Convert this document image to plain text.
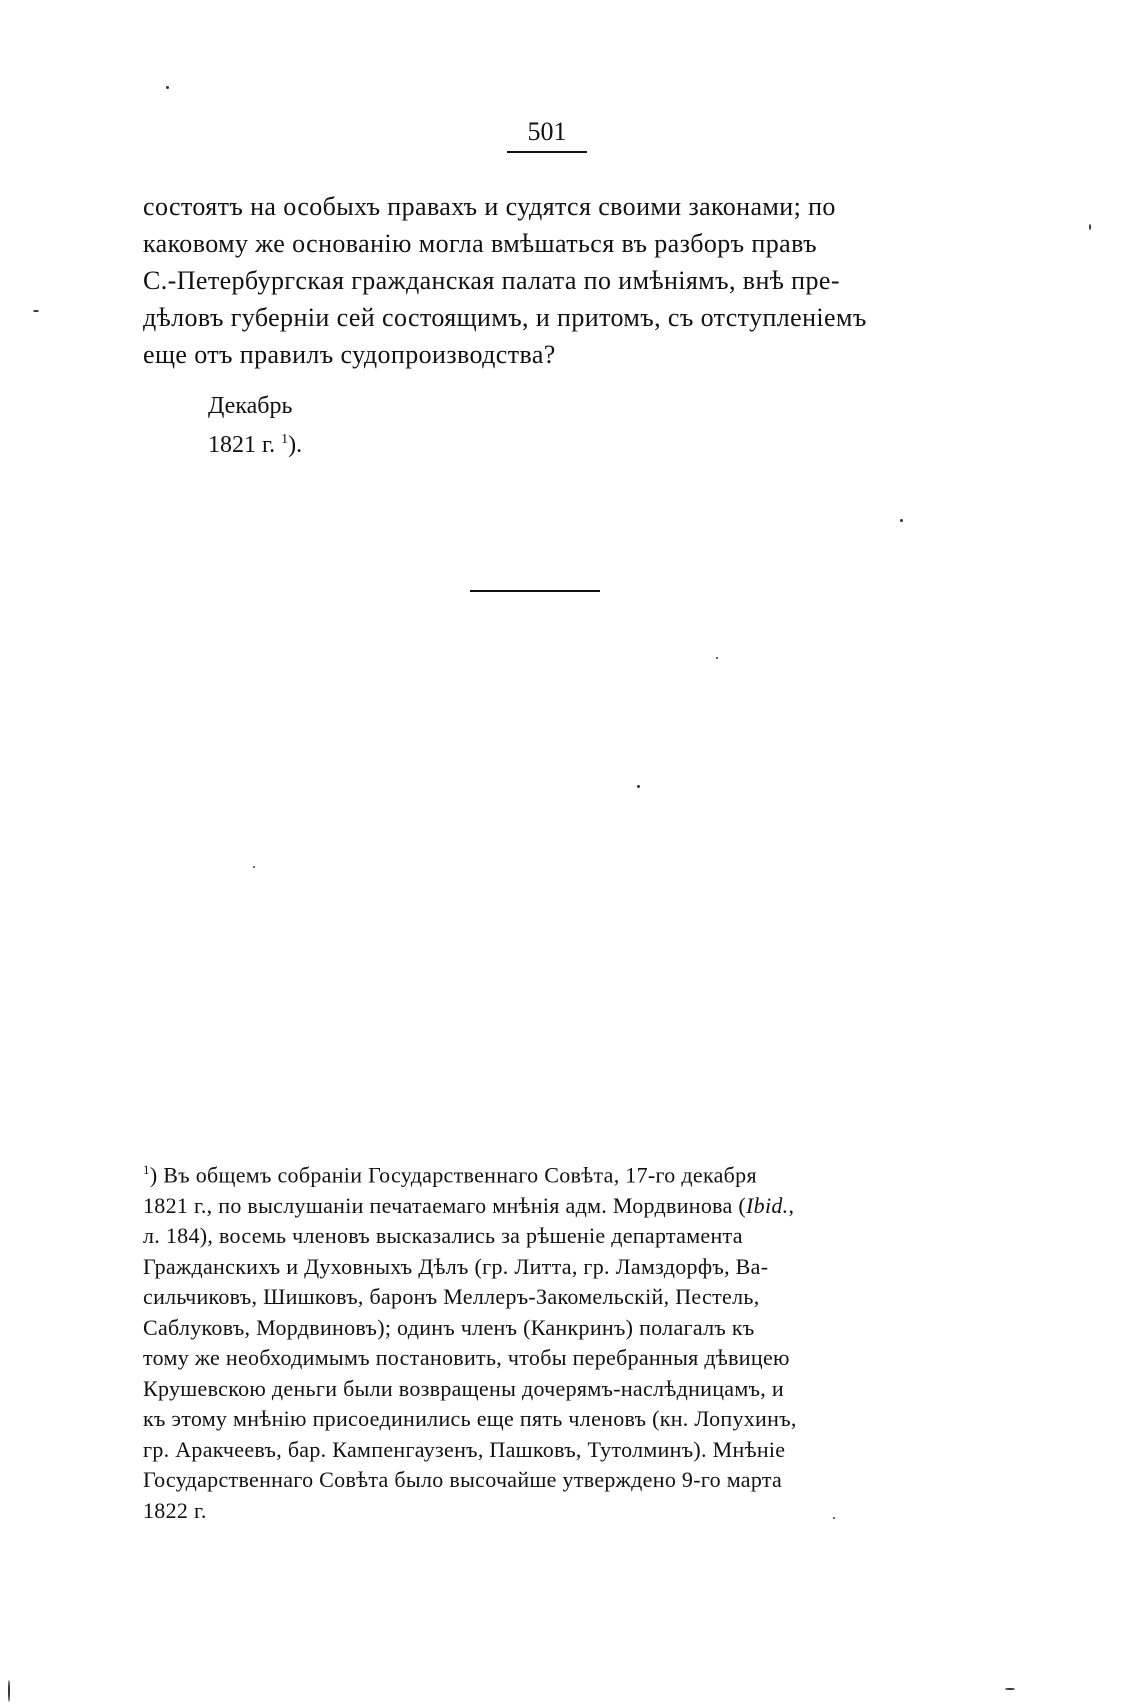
501

состоятъ на особыхъ правахъ и судятся своими законами; по
каковому же основанію могла вмѣшаться въ разборъ правъ
С.-Петербургская гражданская палата по имѣніямъ, внѣ пре-
дѣловъ губерніи сей состоящимъ, и притомъ, съ отступленіемъ
еще отъ правилъ судопроизводства?

Декабрь
1821 г. $^1$).

$^1$) Въ общемъ собраніи Государственнаго Совѣта, 17-го декабря
1821 г., по выслушаніи печатаемаго мнѣнія адм. Мордвинова (Ibid.,
л. 184), восемь членовъ высказались за рѣшеніе департамента
Гражданскихъ и Духовныхъ Дѣлъ (гр. Литта, гр. Ламздорфъ, Ва-
сильчиковъ, Шишковъ, баронъ Меллеръ-Закомельскій, Пестель,
Саблуковъ, Мордвиновъ); одинъ членъ (Канкринъ) полагалъ къ
тому же необходимымъ постановить, чтобы перебранныя дѣвицею
Крушевскою деньги были возвращены дочерямъ-наслѣдницамъ, и
къ этому мнѣнію присоединились еще пять членовъ (кн. Лопухинъ,
гр. Аракчеевъ, бар. Кампенгаузенъ, Пашковъ, Тутолминъ). Мнѣніе
Государственнаго Совѣта было высочайше утверждено 9-го марта
1822 г.
